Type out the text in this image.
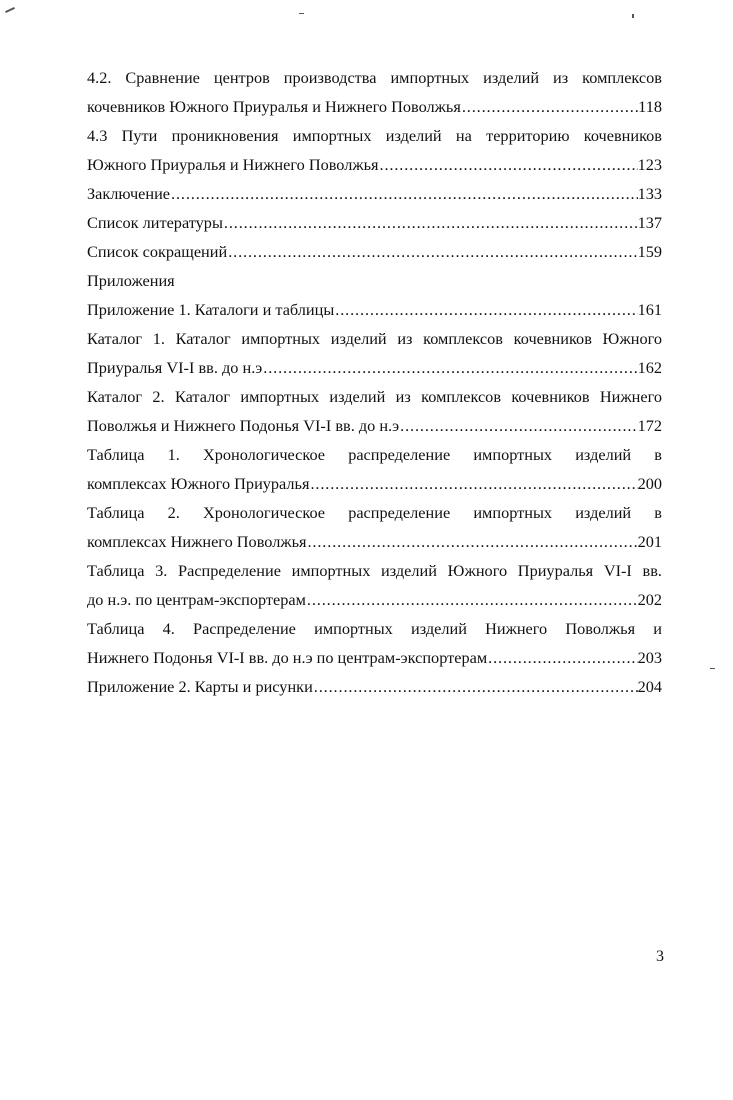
4.2. Сравнение центров производства импортных изделий из комплексов
кочевников Южного Приуралья и Нижнего Поволжья . . .	118
4.3 Пути проникновения импортных изделий на территорию кочевников
Южного Приуралья и Нижнего Поволжья . . .	123
Заключение . . .	133
Список литературы . . .	137
Список сокращений . . .	159
Приложения
Приложение 1. Каталоги и таблицы . . .	161
Каталог 1. Каталог импортных изделий из комплексов кочевников Южного
Приуралья VI-I вв. до н.э . . .	162
Каталог 2. Каталог импортных изделий из комплексов кочевников Нижнего
Поволжья и Нижнего Подонья VI-I вв. до н.э . . .	172
Таблица 1. Хронологическое распределение импортных изделий в
комплексах Южного Приуралья . . .	200
Таблица 2. Хронологическое распределение импортных изделий в
комплексах Нижнего Поволжья . . .	201
Таблица 3. Распределение импортных изделий Южного Приуралья VI-I вв.
до н.э. по центрам-экспортерам . . .	202
Таблица 4. Распределение импортных изделий Нижнего Поволжья и
Нижнего Подонья VI-I вв. до н.э по центрам-экспортерам . . .	203
Приложение 2. Карты и рисунки . . .	204
3
